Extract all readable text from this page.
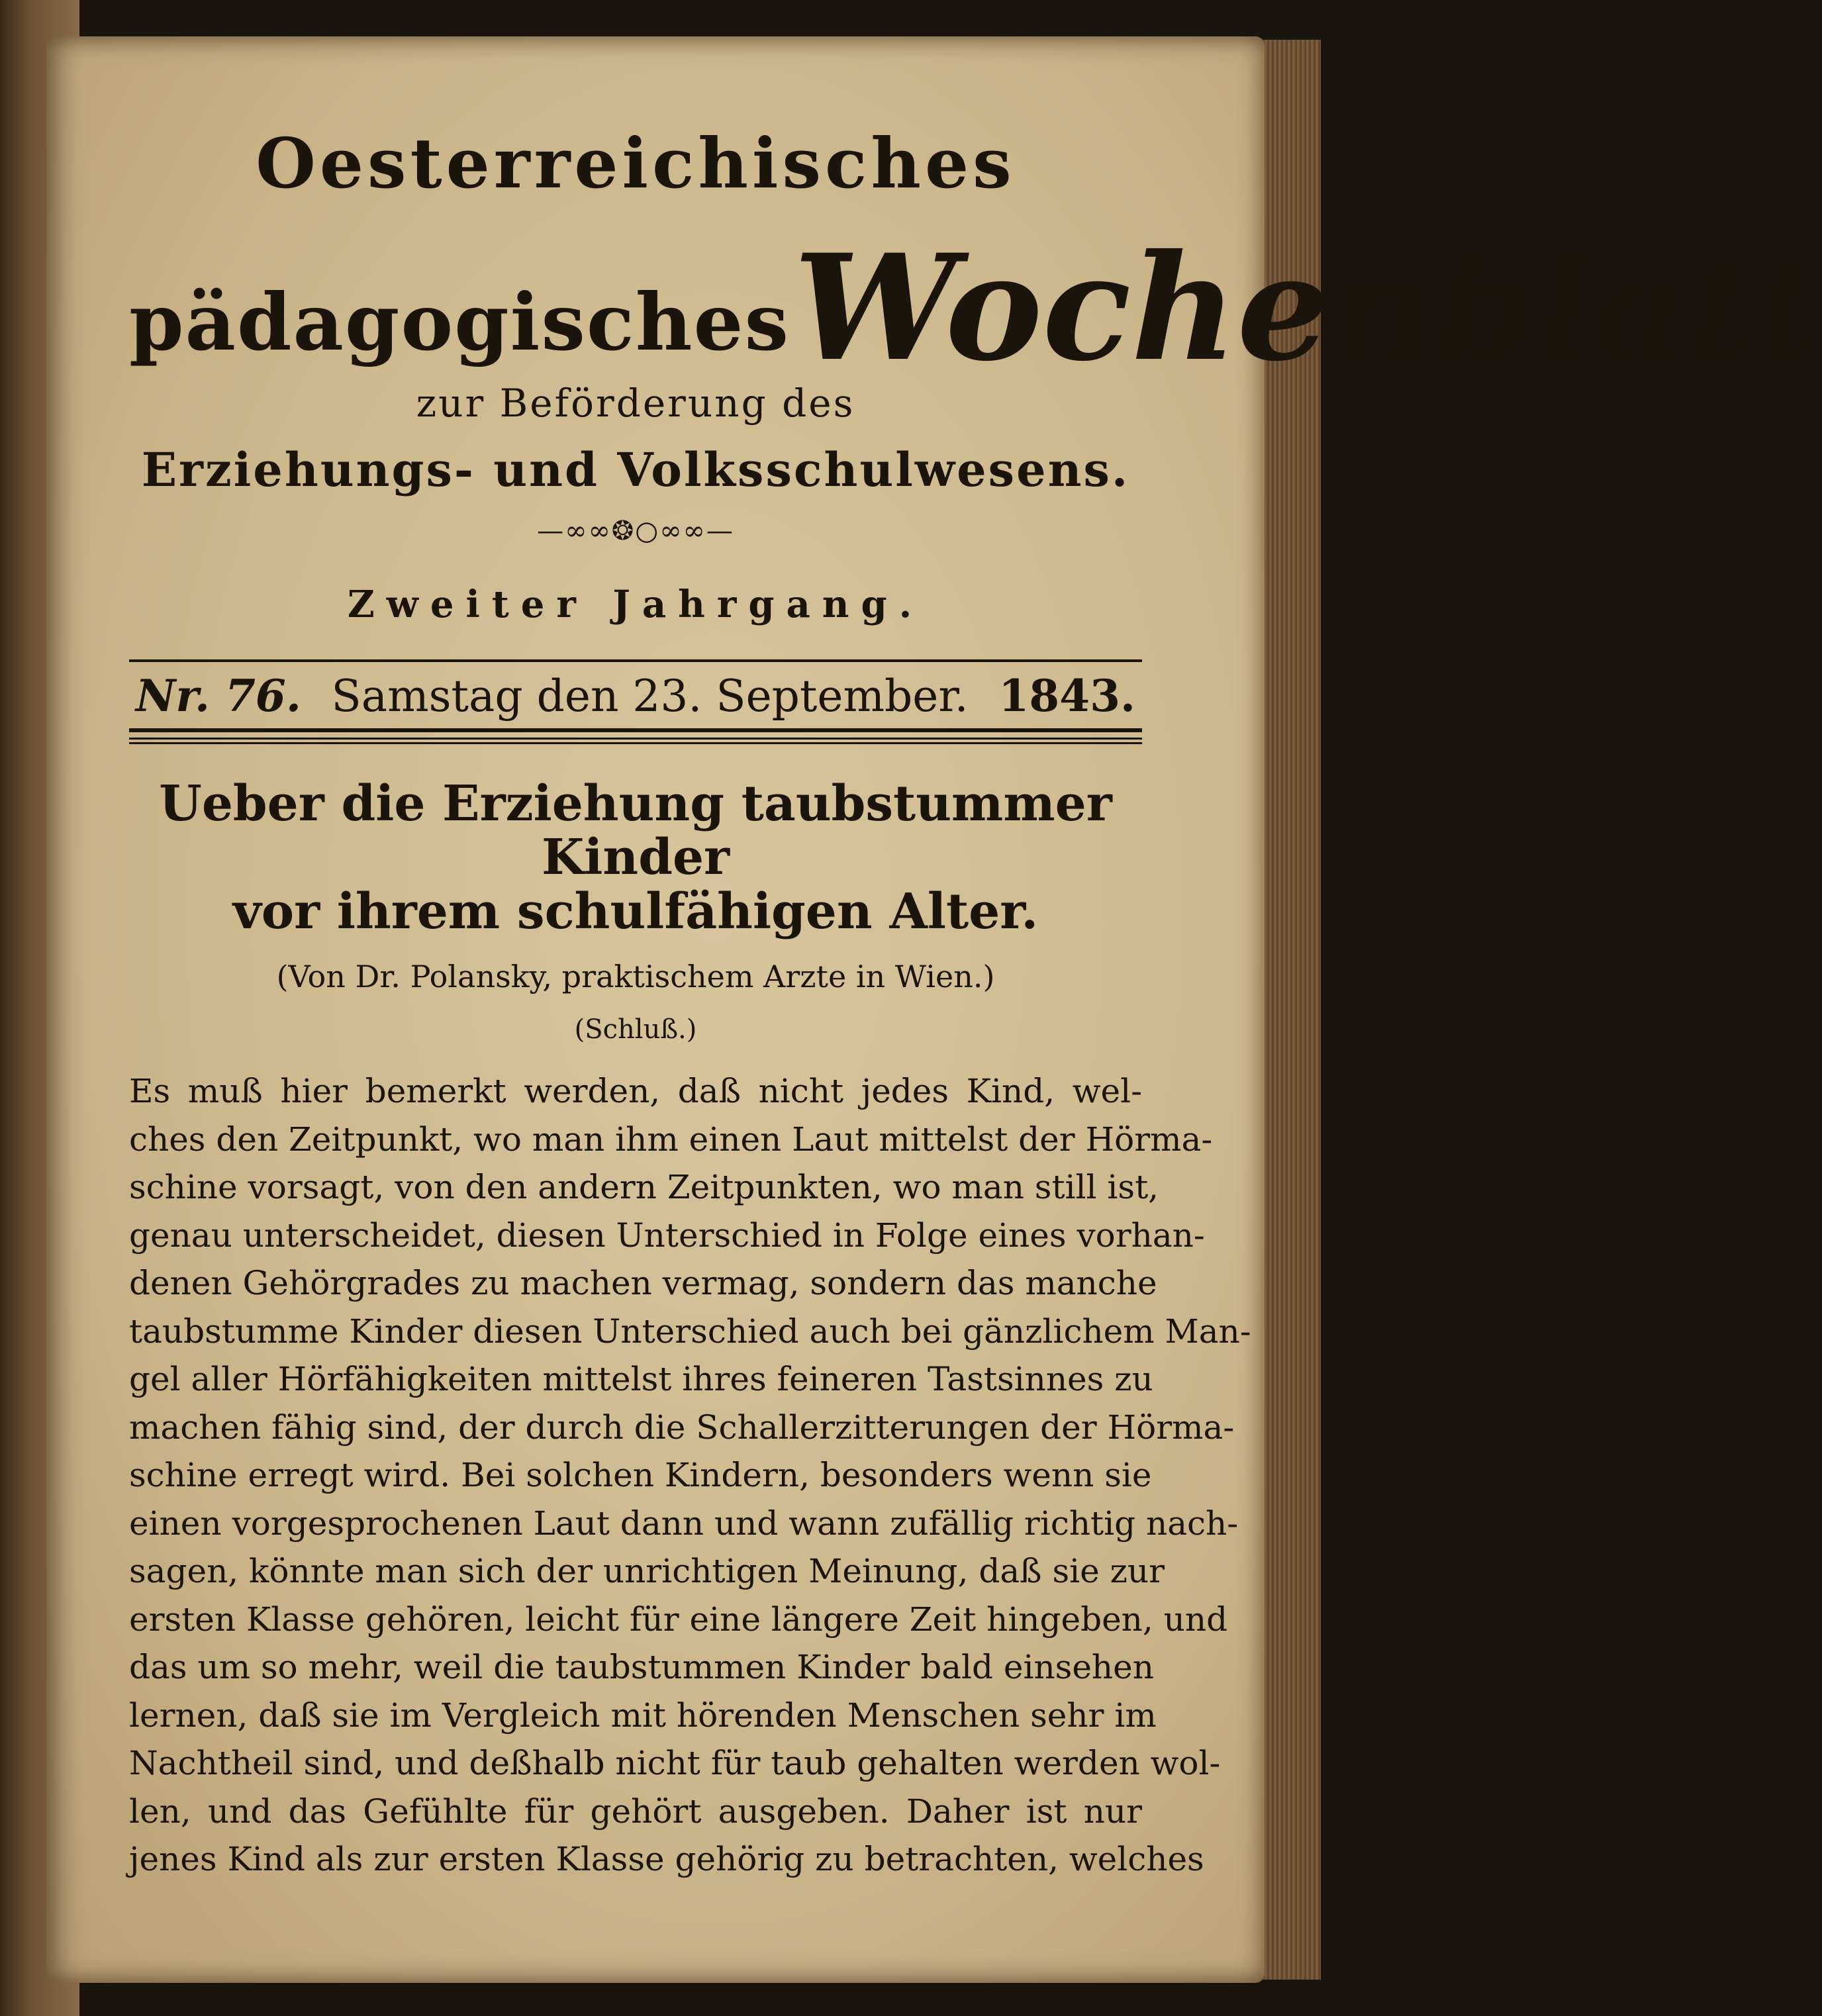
Oesterreichisches
pädagogisches Wochenblatt
zur Beförderung des
Erziehungs- und Volksschulwesens.
—∞∞❂○∞∞—
Zweiter Jahrgang.
Nr. 76. Samstag den 23. September. 1843.
Ueber die Erziehung taubstummer Kinder
vor ihrem schulfähigen Alter.
(Von Dr. Polansky, praktischem Arzte in Wien.)
(Schluß.)
Es muß hier bemerkt werden, daß nicht jedes Kind, wel-
ches den Zeitpunkt, wo man ihm einen Laut mittelst der Hörma-
schine vorsagt, von den andern Zeitpunkten, wo man still ist,
genau unterscheidet, diesen Unterschied in Folge eines vorhan-
denen Gehörgrades zu machen vermag, sondern das manche
taubstumme Kinder diesen Unterschied auch bei gänzlichem Man-
gel aller Hörfähigkeiten mittelst ihres feineren Tastsinnes zu
machen fähig sind, der durch die Schallerzitterungen der Hörma-
schine erregt wird. Bei solchen Kindern, besonders wenn sie
einen vorgesprochenen Laut dann und wann zufällig richtig nach-
sagen, könnte man sich der unrichtigen Meinung, daß sie zur
ersten Klasse gehören, leicht für eine längere Zeit hingeben, und
das um so mehr, weil die taubstummen Kinder bald einsehen
lernen, daß sie im Vergleich mit hörenden Menschen sehr im
Nachtheil sind, und deßhalb nicht für taub gehalten werden wol-
len, und das Gefühlte für gehört ausgeben. Daher ist nur
jenes Kind als zur ersten Klasse gehörig zu betrachten, welches
